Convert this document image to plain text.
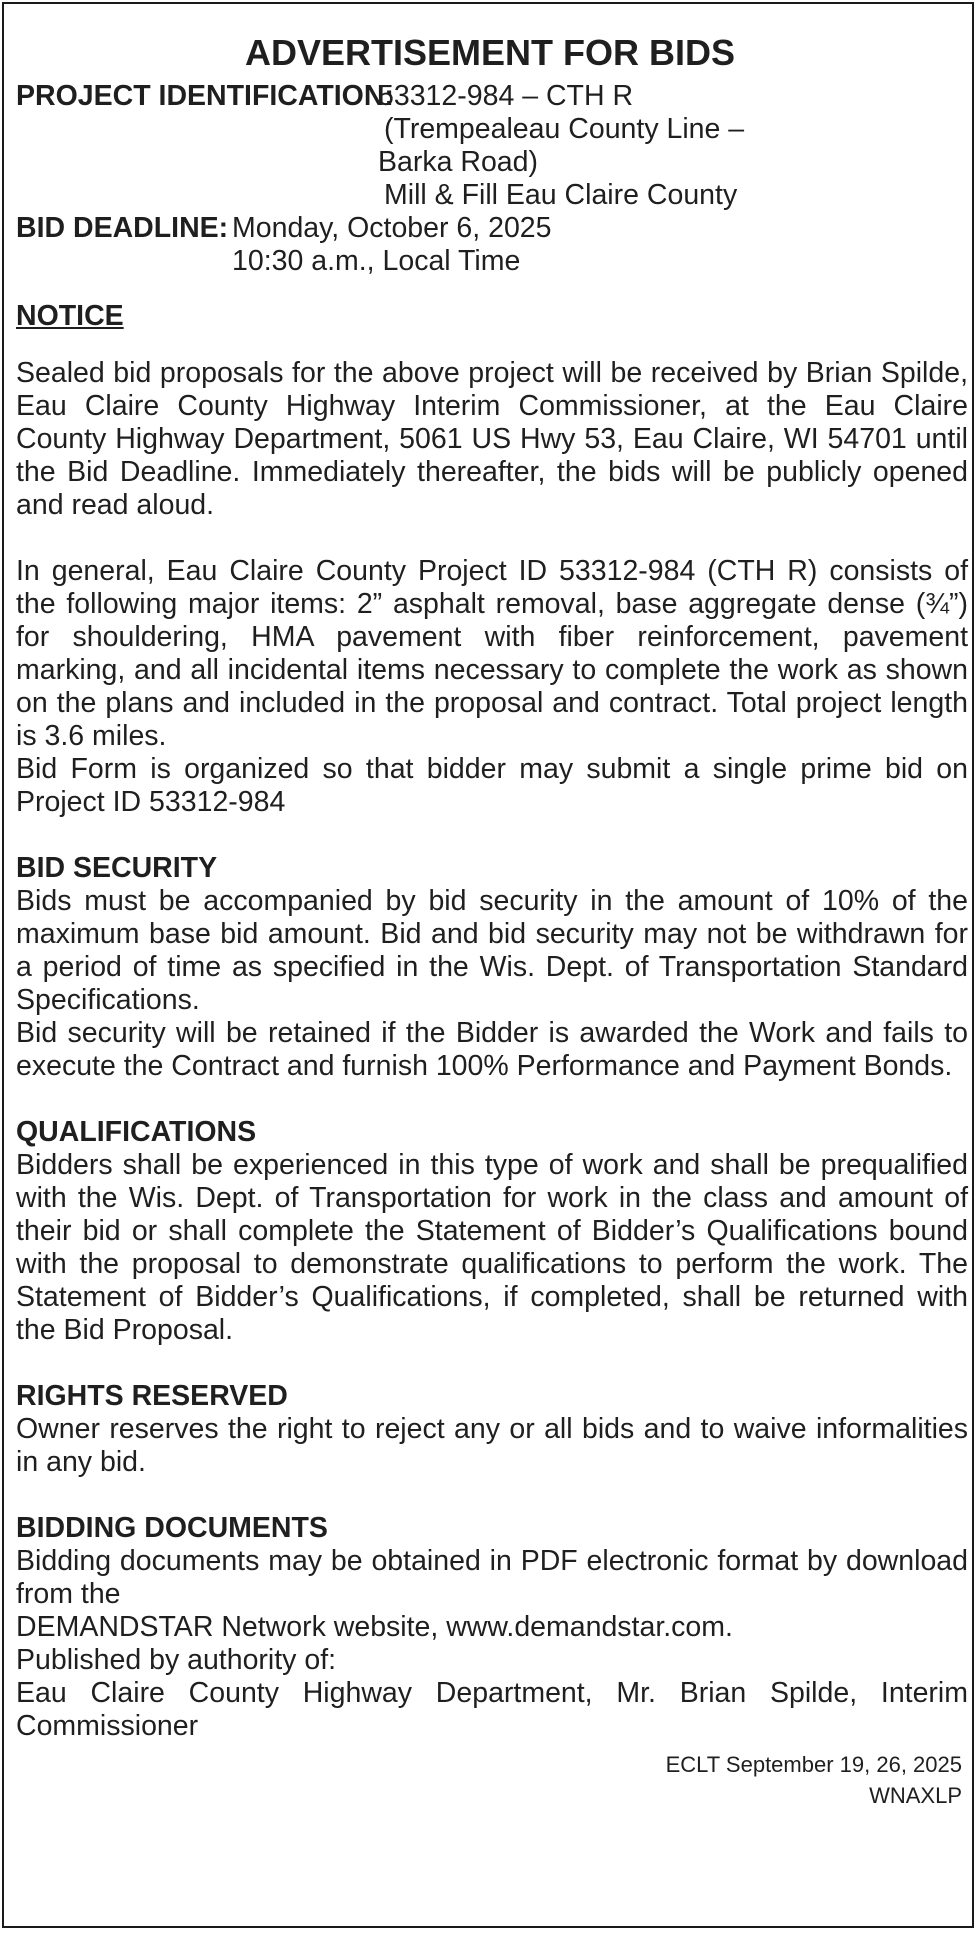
ADVERTISEMENT FOR BIDS
PROJECT IDENTIFICATION:
53312-984 – CTH R
(Trempealeau County Line –
Barka Road)
Mill & Fill Eau Claire County
BID DEADLINE: Monday, October 6, 2025
10:30 a.m., Local Time

NOTICE

Sealed bid proposals for the above project will be received by Brian Spilde, Eau Claire County Highway Interim Commissioner, at the Eau Claire County Highway Department, 5061 US Hwy 53, Eau Claire, WI 54701 until the Bid Deadline. Immediately thereafter, the bids will be publicly opened and read aloud.

In general, Eau Claire County Project ID 53312-984 (CTH R) consists of the following major items: 2” asphalt removal, base aggregate dense (¾”) for shouldering, HMA pavement with fiber reinforcement, pavement marking, and all incidental items necessary to complete the work as shown on the plans and included in the proposal and contract. Total project length is 3.6 miles.

Bid Form is organized so that bidder may submit a single prime bid on Project ID 53312-984

BID SECURITY

Bids must be accompanied by bid security in the amount of 10% of the maximum base bid amount. Bid and bid security may not be withdrawn for a period of time as specified in the Wis. Dept. of Transportation Standard Specifications.

Bid security will be retained if the Bidder is awarded the Work and fails to execute the Contract and furnish 100% Performance and Payment Bonds.

QUALIFICATIONS

Bidders shall be experienced in this type of work and shall be prequalified with the Wis. Dept. of Transportation for work in the class and amount of their bid or shall complete the Statement of Bidder’s Qualifications bound with the proposal to demonstrate qualifications to perform the work. The Statement of Bidder’s Qualifications, if completed, shall be returned with the Bid Proposal.

RIGHTS RESERVED

Owner reserves the right to reject any or all bids and to waive informalities in any bid.

BIDDING DOCUMENTS

Bidding documents may be obtained in PDF electronic format by download from the

DEMANDSTAR Network website, www.demandstar.com.

Published by authority of:

Eau Claire County Highway Department, Mr. Brian Spilde, Interim Commissioner

ECLT September 19, 26, 2025

WNAXLP
